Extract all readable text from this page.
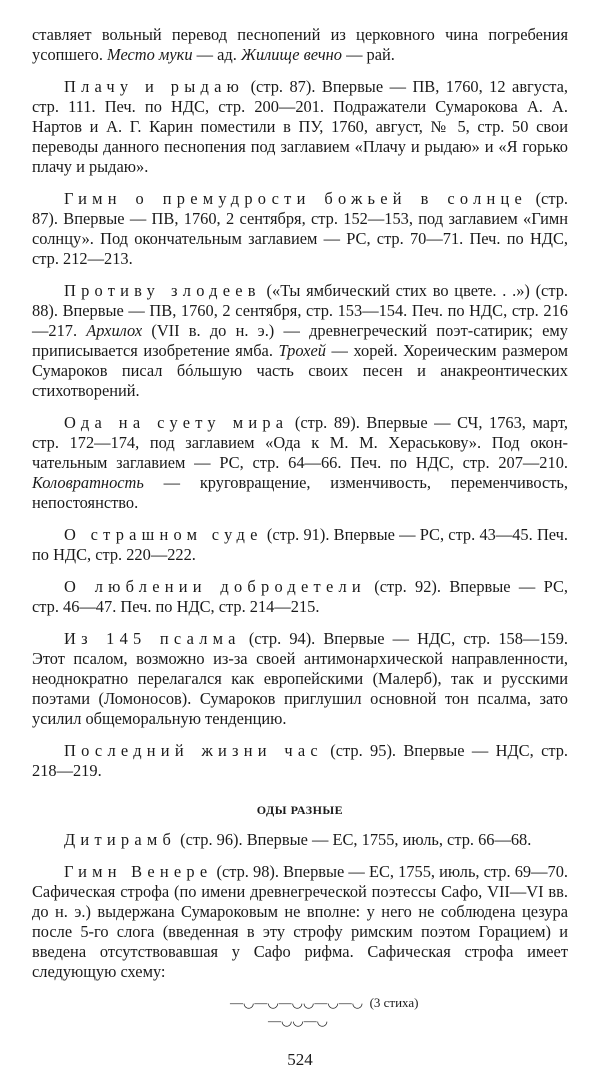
ставляет вольный перевод песнопений из церковного чина погребения усопшего. Место муки — ад. Жилище вечно — рай.

Плачу и рыдаю (стр. 87). Впервые — ПВ, 1760, 12 августа, стр. 111. Печ. по НДС, стр. 200—201. Подражатели Сумарокова А. А. Нартов и А. Г. Карин поместили в ПУ, 1760, август, № 5, стр. 50 свои переводы данного песнопения под заглавием «Плачу и рыдаю» и «Я горько плачу и рыдаю».

Гимн о премудрости божьей в солнце (стр. 87). Впервые — ПВ, 1760, 2 сентября, стр. 152—153, под заглавием «Гимн солнцу». Под окончательным заглавием — РС, стр. 70—71. Печ. по НДС, стр. 212—213.

Противу злодеев («Ты ямбический стих во цвете. . .») (стр. 88). Впервые — ПВ, 1760, 2 сентября, стр. 153—154. Печ. по НДС, стр. 216—217. Архилох (VII в. до н. э.) — древнегреческий поэт-сатирик; ему приписывается изобретение ямба. Трохей — хорей. Хореическим размером Сумароков писал бóльшую часть своих песен и анакреонтических стихотворений.

Ода на суету мира (стр. 89). Впервые — СЧ, 1763, март, стр. 172—174, под заглавием «Ода к М. М. Хераськову». Под окончательным заглавием — РС, стр. 64—66. Печ. по НДС, стр. 207—210. Коловратность — круговращение, изменчивость, переменчивость, непостоянство.

О страшном суде (стр. 91). Впервые — РС, стр. 43—45. Печ. по НДС, стр. 220—222.

О люблении добродетели (стр. 92). Впервые — РС, стр. 46—47. Печ. по НДС, стр. 214—215.

Из 145 псалма (стр. 94). Впервые — НДС, стр. 158—159. Этот псалом, возможно из-за своей антимонархической направленности, неоднократно перелагался как европейскими (Малерб), так и русскими поэтами (Ломоносов). Сумароков приглушил основной тон псалма, зато усилил общеморальную тенденцию.

Последний жизни час (стр. 95). Впервые — НДС, стр. 218—219.

ОДЫ РАЗНЫЕ

Дитирамб (стр. 96). Впервые — ЕС, 1755, июль, стр. 66—68.

Гимн Венере (стр. 98). Впервые — ЕС, 1755, июль, стр. 69—70. Сафическая строфа (по имени древнегреческой поэтессы Сафо, VII—VI вв. до н. э.) выдержана Сумароковым не вполне: у него не соблюдена цезура после 5-го слога (введенная в эту строфу римским поэтом Горацием) и введена отсутствовавшая у Сафо рифма. Сафическая строфа имеет следующую схему:

—◡—◡—◡◡—◡—◡ (3 стиха)
—◡◡—◡
524
